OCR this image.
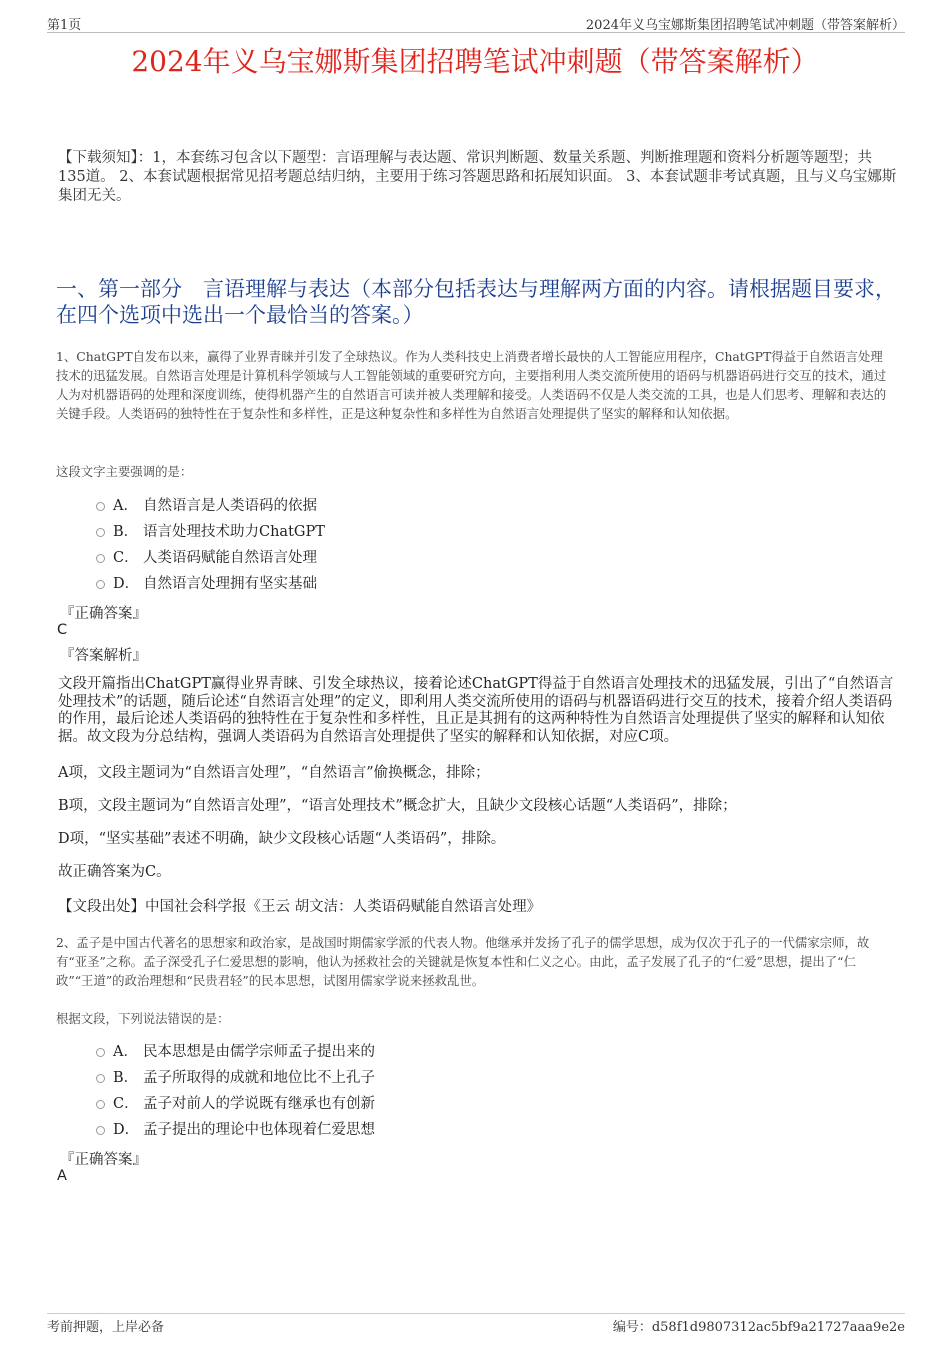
第1页	2024年义乌宝娜斯集团招聘笔试冲刺题（带答案解析）
2024年义乌宝娜斯集团招聘笔试冲刺题（带答案解析）
【下载须知】：1，本套练习包含以下题型：言语理解与表达题、常识判断题、数量关系题、判断推理题和资料分析题等题型；共135道。 2、本套试题根据常见招考题总结归纳，主要用于练习答题思路和拓展知识面。 3、本套试题非考试真题，且与义乌宝娜斯集团无关。
一、第一部分　言语理解与表达（本部分包括表达与理解两方面的内容。请根据题目要求，在四个选项中选出一个最恰当的答案。）
1、ChatGPT自发布以来，赢得了业界青睐并引发了全球热议。作为人类科技史上消费者增长最快的人工智能应用程序，ChatGPT得益于自然语言处理技术的迅猛发展。自然语言处理是计算机科学领域与人工智能领域的重要研究方向，主要指利用人类交流所使用的语码与机器语码进行交互的技术，通过人为对机器语码的处理和深度训练，使得机器产生的自然语言可读并被人类理解和接受。人类语码不仅是人类交流的工具，也是人们思考、理解和表达的关键手段。人类语码的独特性在于复杂性和多样性，正是这种复杂性和多样性为自然语言处理提供了坚实的解释和认知依据。
这段文字主要强调的是：
A． 自然语言是人类语码的依据
B． 语言处理技术助力ChatGPT
C． 人类语码赋能自然语言处理
D． 自然语言处理拥有坚实基础
『正确答案』
C
『答案解析』
文段开篇指出ChatGPT赢得业界青睐、引发全球热议，接着论述ChatGPT得益于自然语言处理技术的迅猛发展，引出了“自然语言处理技术”的话题，随后论述“自然语言处理”的定义，即利用人类交流所使用的语码与机器语码进行交互的技术，接着介绍人类语码的作用，最后论述人类语码的独特性在于复杂性和多样性，且正是其拥有的这两种特性为自然语言处理提供了坚实的解释和认知依据。故文段为分总结构，强调人类语码为自然语言处理提供了坚实的解释和认知依据，对应C项。
A项，文段主题词为“自然语言处理”，“自然语言”偷换概念，排除；
B项，文段主题词为“自然语言处理”，“语言处理技术”概念扩大，且缺少文段核心话题“人类语码”，排除；
D项，“坚实基础”表述不明确，缺少文段核心话题“人类语码”，排除。
故正确答案为C。
【文段出处】中国社会科学报《王云 胡文洁：人类语码赋能自然语言处理》
2、孟子是中国古代著名的思想家和政治家，是战国时期儒家学派的代表人物。他继承并发扬了孔子的儒学思想，成为仅次于孔子的一代儒家宗师，故有“亚圣”之称。孟子深受孔子仁爱思想的影响，他认为拯救社会的关键就是恢复本性和仁义之心。由此，孟子发展了孔子的“仁爱”思想，提出了“仁政”“王道”的政治理想和“民贵君轻”的民本思想，试图用儒家学说来拯救乱世。
根据文段，下列说法错误的是：
A． 民本思想是由儒学宗师孟子提出来的
B． 孟子所取得的成就和地位比不上孔子
C． 孟子对前人的学说既有继承也有创新
D． 孟子提出的理论中也体现着仁爱思想
『正确答案』
A
考前押题，上岸必备	编号：d58f1d9807312ac5bf9a21727aaa9e2e
